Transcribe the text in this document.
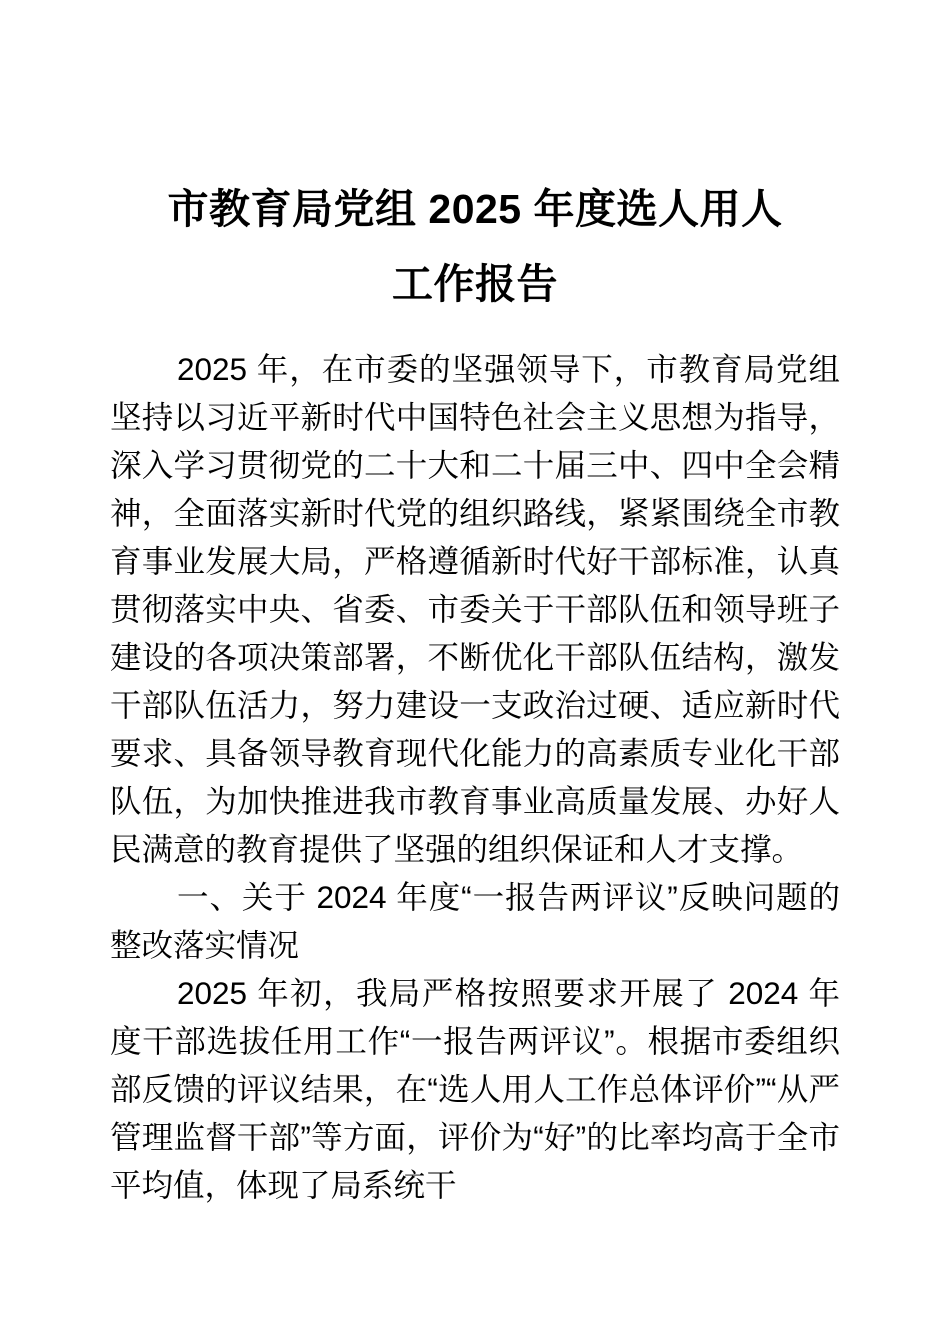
市教育局党组 2025 年度选人用人
工作报告

2025 年，在市委的坚强领导下，市教育局党组坚持以习近平新时代中国特色社会主义思想为指导，深入学习贯彻党的二十大和二十届三中、四中全会精神，全面落实新时代党的组织路线，紧紧围绕全市教育事业发展大局，严格遵循新时代好干部标准，认真贯彻落实中央、省委、市委关于干部队伍和领导班子建设的各项决策部署，不断优化干部队伍结构，激发干部队伍活力，努力建设一支政治过硬、适应新时代要求、具备领导教育现代化能力的高素质专业化干部队伍，为加快推进我市教育事业高质量发展、办好人民满意的教育提供了坚强的组织保证和人才支撑。

一、关于 2024 年度“一报告两评议”反映问题的整改落实情况

2025 年初，我局严格按照要求开展了 2024 年度干部选拔任用工作“一报告两评议”。根据市委组织部反馈的评议结果，在“选人用人工作总体评价”“从严管理监督干部”等方面，评价为“好”的比率均高于全市平均值，体现了局系统干
